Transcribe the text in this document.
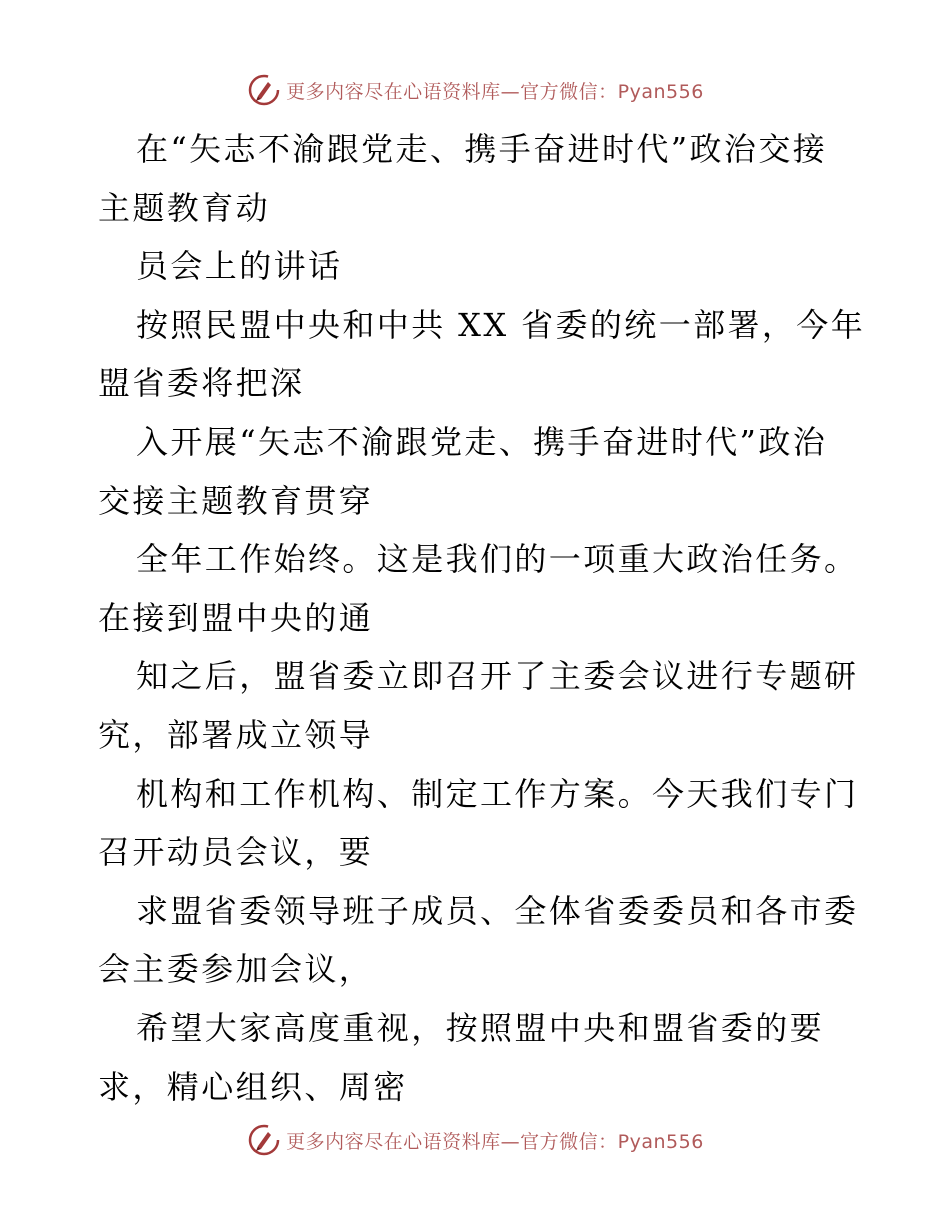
更多内容尽在心语资料库—官方微信：Pyan556
在“矢志不渝跟党走、携手奋进时代”政治交接
主题教育动
员会上的讲话
按照民盟中央和中共 XX 省委的统一部署，今年
盟省委将把深
入开展“矢志不渝跟党走、携手奋进时代”政治
交接主题教育贯穿
全年工作始终。这是我们的一项重大政治任务。
在接到盟中央的通
知之后，盟省委立即召开了主委会议进行专题研
究，部署成立领导
机构和工作机构、制定工作方案。今天我们专门
召开动员会议，要
求盟省委领导班子成员、全体省委委员和各市委
会主委参加会议，
希望大家高度重视，按照盟中央和盟省委的要
求，精心组织、周密
更多内容尽在心语资料库—官方微信：Pyan556
